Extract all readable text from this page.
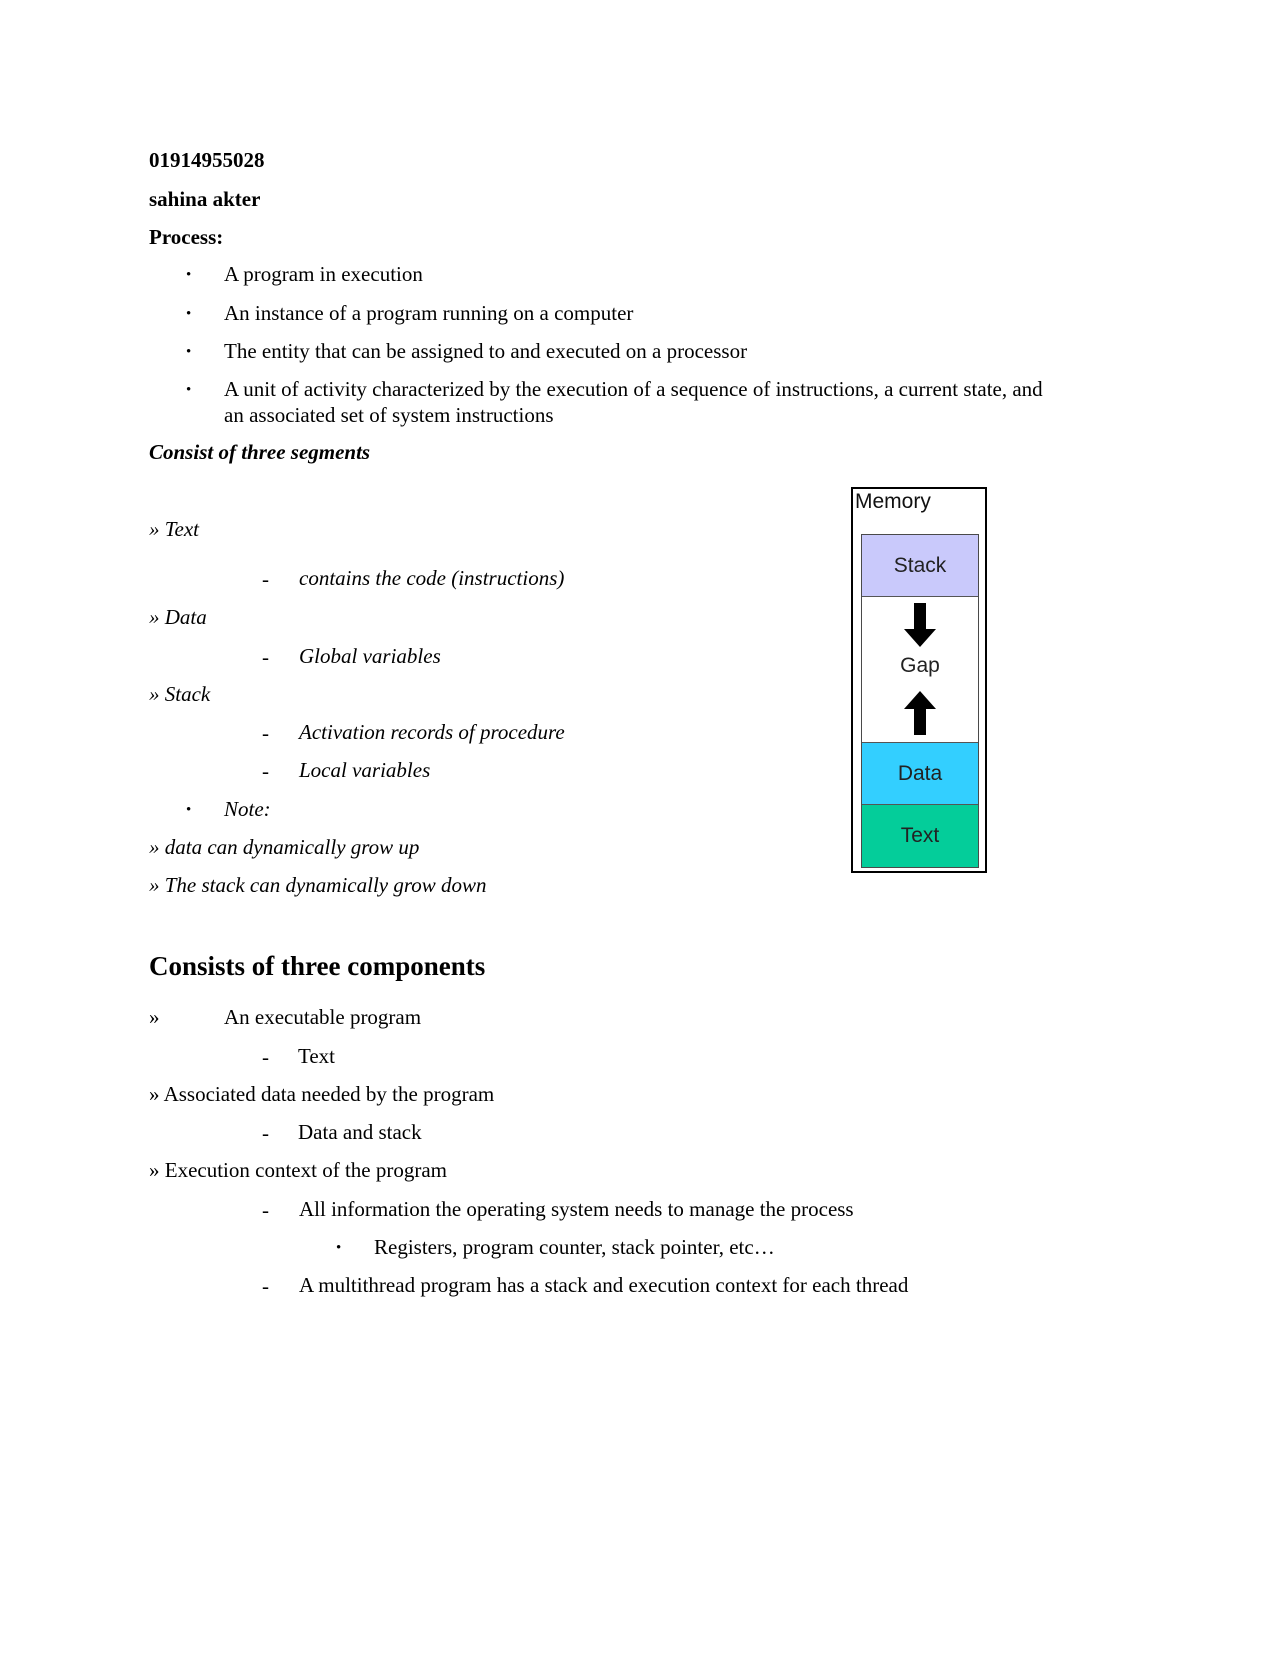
01914955028
sahina akter
Process:
• A program in execution
• An instance of a program running on a computer
• The entity that can be assigned to and executed on a processor
• A unit of activity characterized by the execution of a sequence of instructions, a current state, and
an associated set of system instructions
Consist of three segments
» Text
- contains the code (instructions)
» Data
- Global variables
» Stack
- Activation records of procedure
- Local variables
• Note:
» data can dynamically grow up
» The stack can dynamically grow down
Memory
Stack
Gap
Data
Text
Consists of three components
»	An executable program
- Text
» Associated data needed by the program
- Data and stack
» Execution context of the program
- All information the operating system needs to manage the process
• Registers, program counter, stack pointer, etc…
- A multithread program has a stack and execution context for each thread
